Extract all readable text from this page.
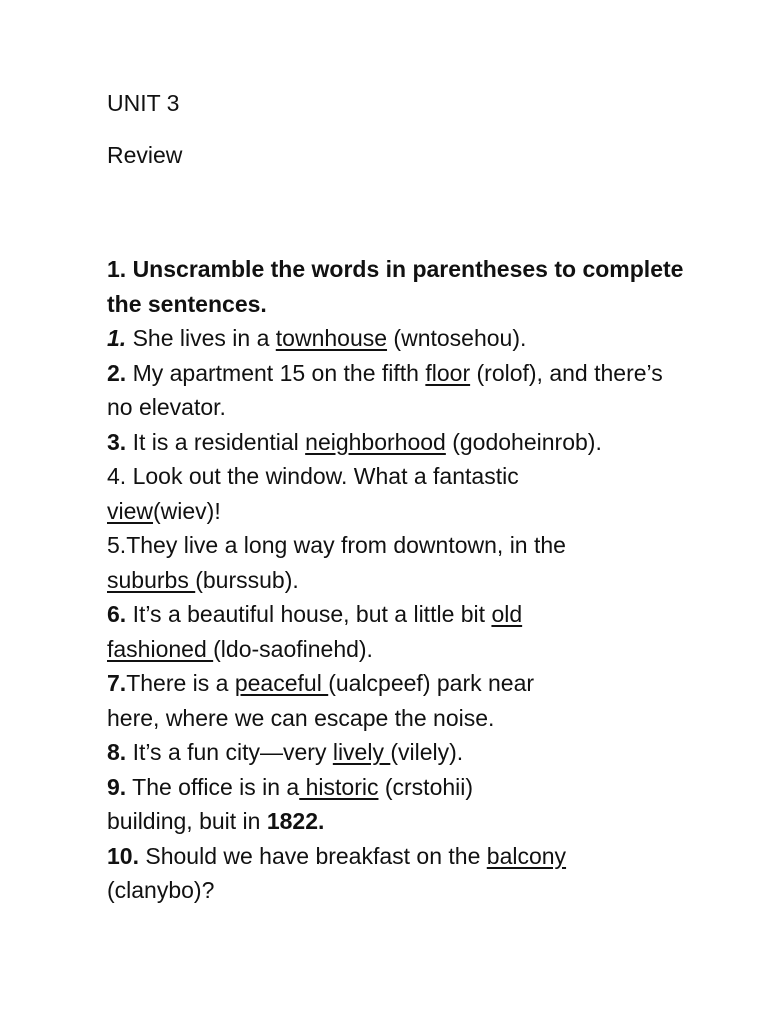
UNIT 3
Review
1. Unscramble the words in parentheses to complete the sentences.
1. She lives in a townhouse (wntosehou).
2. My apartment 15 on the fifth floor (rolof), and there’s no elevator.
3. It is a residential neighborhood (godoheinrob).
4. Look out the window. What a fantastic view(wiev)!
5.They live a long way from downtown, in the suburbs (burssub).
6. It’s a beautiful house, but a little bit old fashioned (ldo-saofinehd).
7.There is a peaceful (ualcpeef) park near here, where we can escape the noise.
8. It’s a fun city—very lively (vilely).
9. The office is in a historic (crstohii) building, buit in 1822.
10. Should we have breakfast on the balcony (clanybo)?
